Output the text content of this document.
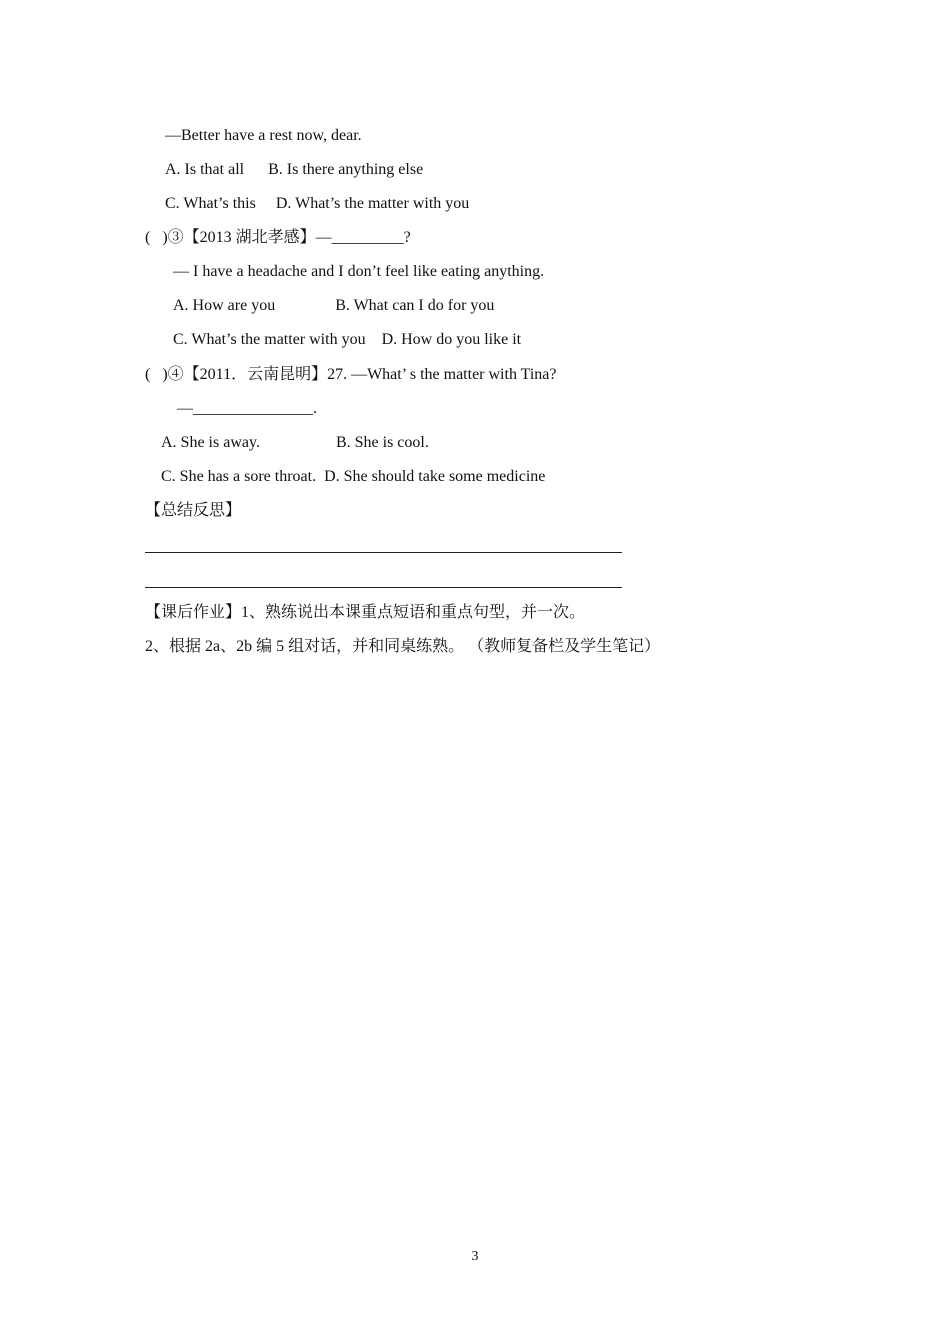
—Better have a rest now, dear.
A. Is that all      B. Is there anything else
C. What’s this     D. What’s the matter with you
(   )③【2013 湖北孝感】—_________?
— I have a headache and I don’t feel like eating anything.
A. How are you               B. What can I do for you
C. What’s the matter with you    D. How do you like it
(   )④【2011．云南昆明】27. —What’ s the matter with Tina?
—_______________.
A. She is away.                   B. She is cool.
C. She has a sore throat.  D. She should take some medicine
【总结反思】
【课后作业】1、熟练说出本课重点短语和重点句型，并一次。
2、根据 2a、2b 编 5 组对话，并和同桌练熟。 （教师复备栏及学生笔记）
3
